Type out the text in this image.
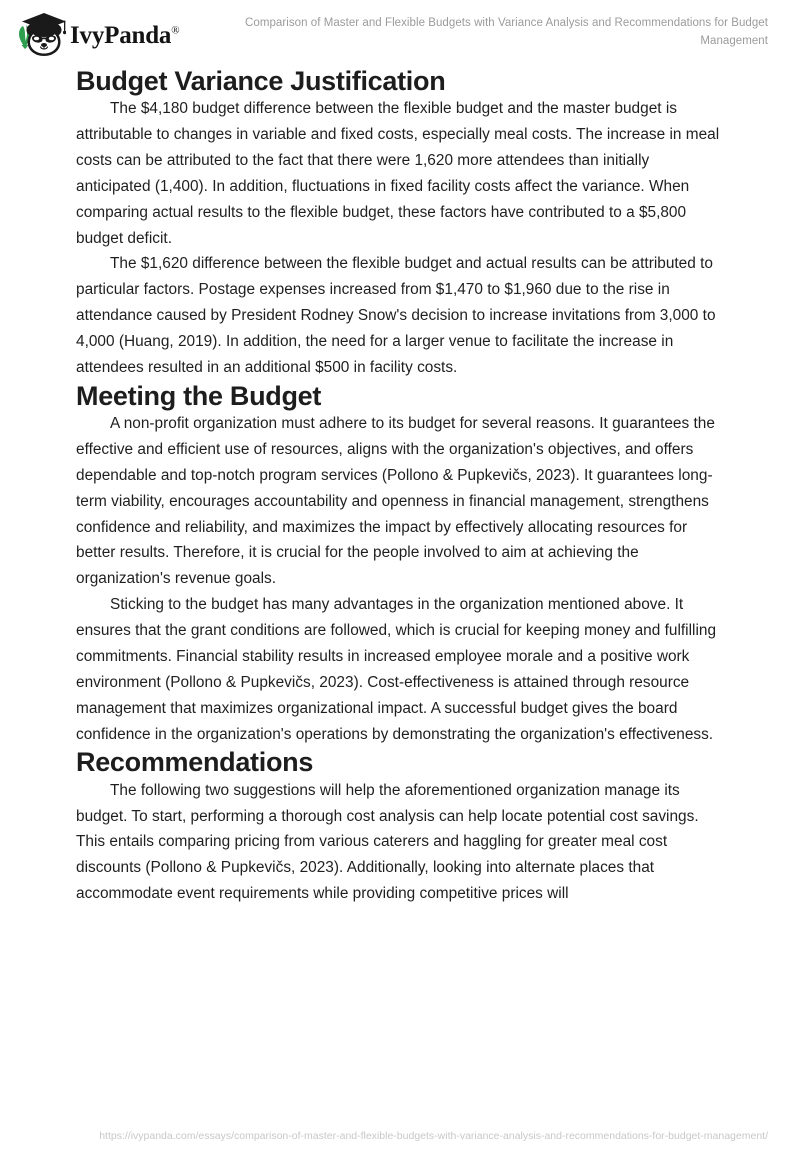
IvyPanda®
Comparison of Master and Flexible Budgets with Variance Analysis and Recommendations for Budget Management
Budget Variance Justification

The $4,180 budget difference between the flexible budget and the master budget is attributable to changes in variable and fixed costs, especially meal costs. The increase in meal costs can be attributed to the fact that there were 1,620 more attendees than initially anticipated (1,400). In addition, fluctuations in fixed facility costs affect the variance. When comparing actual results to the flexible budget, these factors have contributed to a $5,800 budget deficit.

The $1,620 difference between the flexible budget and actual results can be attributed to particular factors. Postage expenses increased from $1,470 to $1,960 due to the rise in attendance caused by President Rodney Snow's decision to increase invitations from 3,000 to 4,000 (Huang, 2019). In addition, the need for a larger venue to facilitate the increase in attendees resulted in an additional $500 in facility costs.

Meeting the Budget

A non-profit organization must adhere to its budget for several reasons. It guarantees the effective and efficient use of resources, aligns with the organization's objectives, and offers dependable and top-notch program services (Pollono & Pupkevičs, 2023). It guarantees long-term viability, encourages accountability and openness in financial management, strengthens confidence and reliability, and maximizes the impact by effectively allocating resources for better results. Therefore, it is crucial for the people involved to aim at achieving the organization's revenue goals.

Sticking to the budget has many advantages in the organization mentioned above. It ensures that the grant conditions are followed, which is crucial for keeping money and fulfilling commitments. Financial stability results in increased employee morale and a positive work environment (Pollono & Pupkevičs, 2023). Cost-effectiveness is attained through resource management that maximizes organizational impact. A successful budget gives the board confidence in the organization's operations by demonstrating the organization's effectiveness.

Recommendations

The following two suggestions will help the aforementioned organization manage its budget. To start, performing a thorough cost analysis can help locate potential cost savings. This entails comparing pricing from various caterers and haggling for greater meal cost discounts (Pollono & Pupkevičs, 2023). Additionally, looking into alternate places that accommodate event requirements while providing competitive prices will

https://ivypanda.com/essays/comparison-of-master-and-flexible-budgets-with-variance-analysis-and-recommendations-for-budget-management/
